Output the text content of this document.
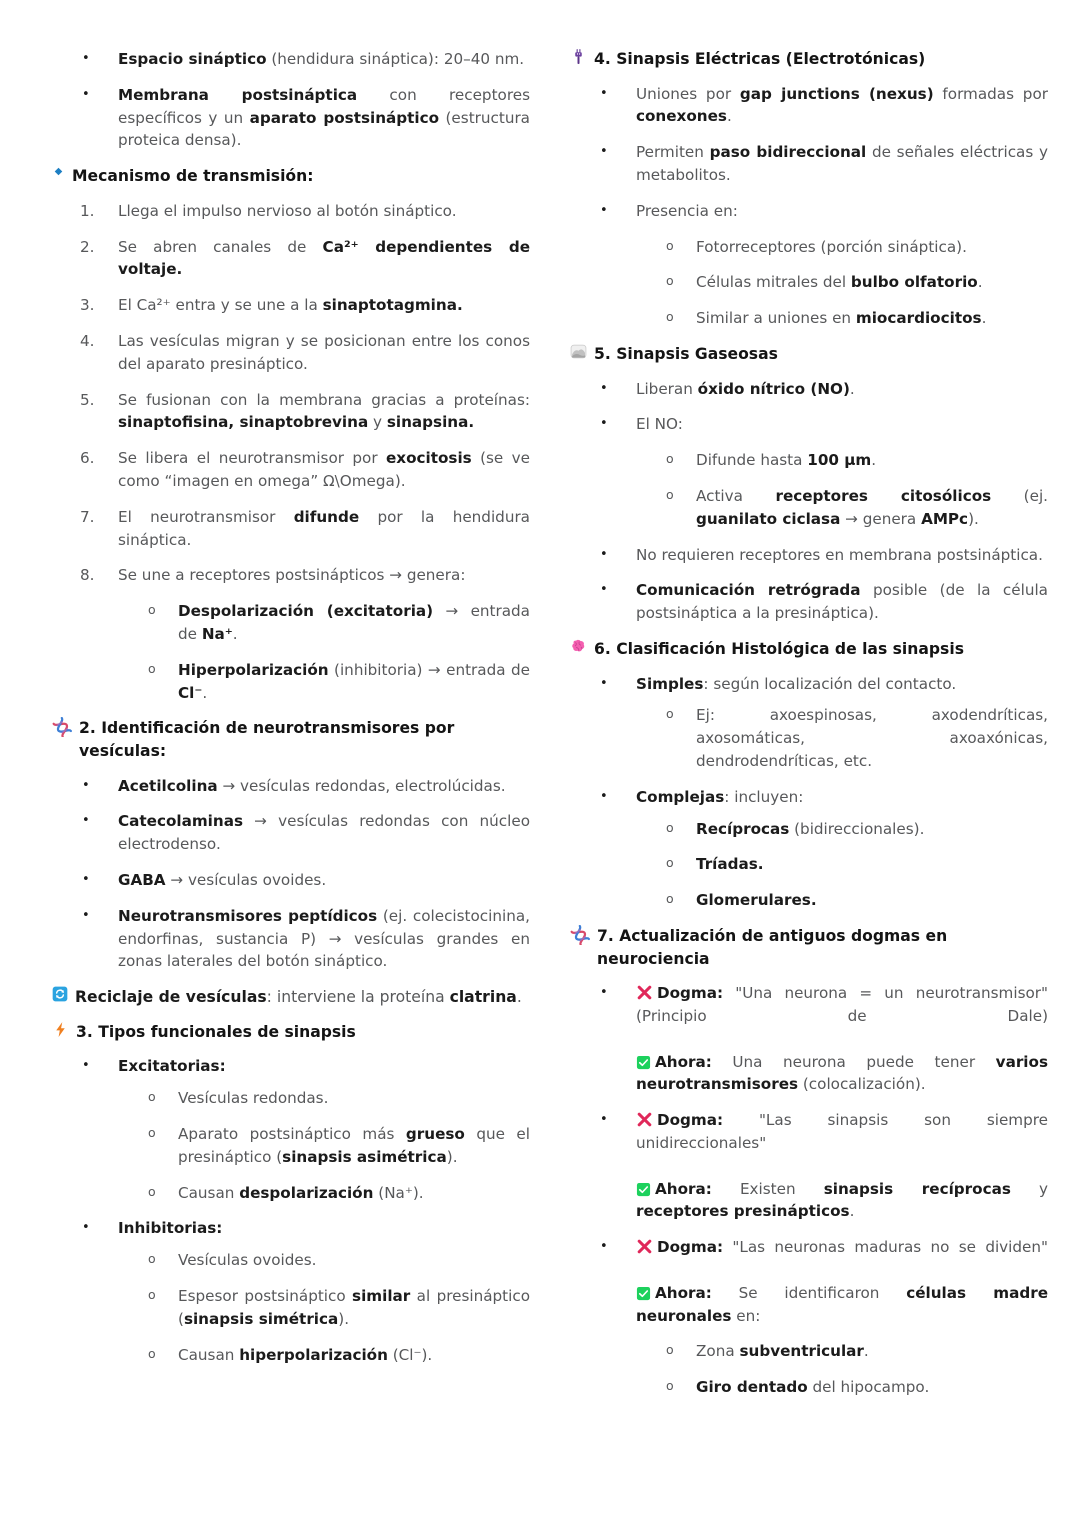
•	Espacio sináptico (hendidura sináptica): 20–40 nm.
•	Membrana postsináptica con receptores específicos y un aparato postsináptico (estructura proteica densa).
Mecanismo de transmisión:
1.	Llega el impulso nervioso al botón sináptico.
2.	Se abren canales de Ca²⁺ dependientes de voltaje.
3.	El Ca²⁺ entra y se une a la sinaptotagmina.
4.	Las vesículas migran y se posicionan entre los conos del aparato presináptico.
5.	Se fusionan con la membrana gracias a proteínas: sinaptofisina, sinaptobrevina y sinapsina.
6.	Se libera el neurotransmisor por exocitosis (se ve como “imagen en omega” Ω\Omega).
7.	El neurotransmisor difunde por la hendidura sináptica.
8.	Se une a receptores postsinápticos → genera:
o	Despolarización (excitatoria) → entrada de Na⁺.
o	Hiperpolarización (inhibitoria) → entrada de Cl⁻.
2. Identificación de neurotransmisores por vesículas:
•	Acetilcolina → vesículas redondas, electrolúcidas.
•	Catecolaminas → vesículas redondas con núcleo electrodenso.
•	GABA → vesículas ovoides.
•	Neurotransmisores peptídicos (ej. colecistocinina, endorfinas, sustancia P) → vesículas grandes en zonas laterales del botón sináptico.
Reciclaje de vesículas: interviene la proteína clatrina.
3. Tipos funcionales de sinapsis
•	Excitatorias:
o	Vesículas redondas.
o	Aparato postsináptico más grueso que el presináptico (sinapsis asimétrica).
o	Causan despolarización (Na⁺).
•	Inhibitorias:
o	Vesículas ovoides.
o	Espesor postsináptico similar al presináptico (sinapsis simétrica).
o	Causan hiperpolarización (Cl⁻).
4. Sinapsis Eléctricas (Electrotónicas)
•	Uniones por gap junctions (nexus) formadas por conexones.
•	Permiten paso bidireccional de señales eléctricas y metabolitos.
•	Presencia en:
o	Fotorreceptores (porción sináptica).
o	Células mitrales del bulbo olfatorio.
o	Similar a uniones en miocardiocitos.
5. Sinapsis Gaseosas
•	Liberan óxido nítrico (NO).
•	El NO:
o	Difunde hasta 100 μm.
o	Activa receptores citosólicos (ej. guanilato ciclasa → genera AMPc).
•	No requieren receptores en membrana postsináptica.
•	Comunicación retrógrada posible (de la célula postsináptica a la presináptica).
6. Clasificación Histológica de las sinapsis
•	Simples: según localización del contacto.
o	Ej: axoespinosas, axodendríticas, axosomáticas, axoaxónicas, dendrodendríticas, etc.
•	Complejas: incluyen:
o	Recíprocas (bidireccionales).
o	Tríadas.
o	Glomerulares.
7. Actualización de antiguos dogmas en neurociencia
•	Dogma: "Una neurona = un neurotransmisor" (Principio de Dale)

Ahora: Una neurona puede tener varios neurotransmisores (colocalización).
•	Dogma: "Las sinapsis son siempre unidireccionales"

Ahora: Existen sinapsis recíprocas y receptores presinápticos.
•	Dogma: "Las neuronas maduras no se dividen"

Ahora: Se identificaron células madre neuronales en:
o	Zona subventricular.
o	Giro dentado del hipocampo.
